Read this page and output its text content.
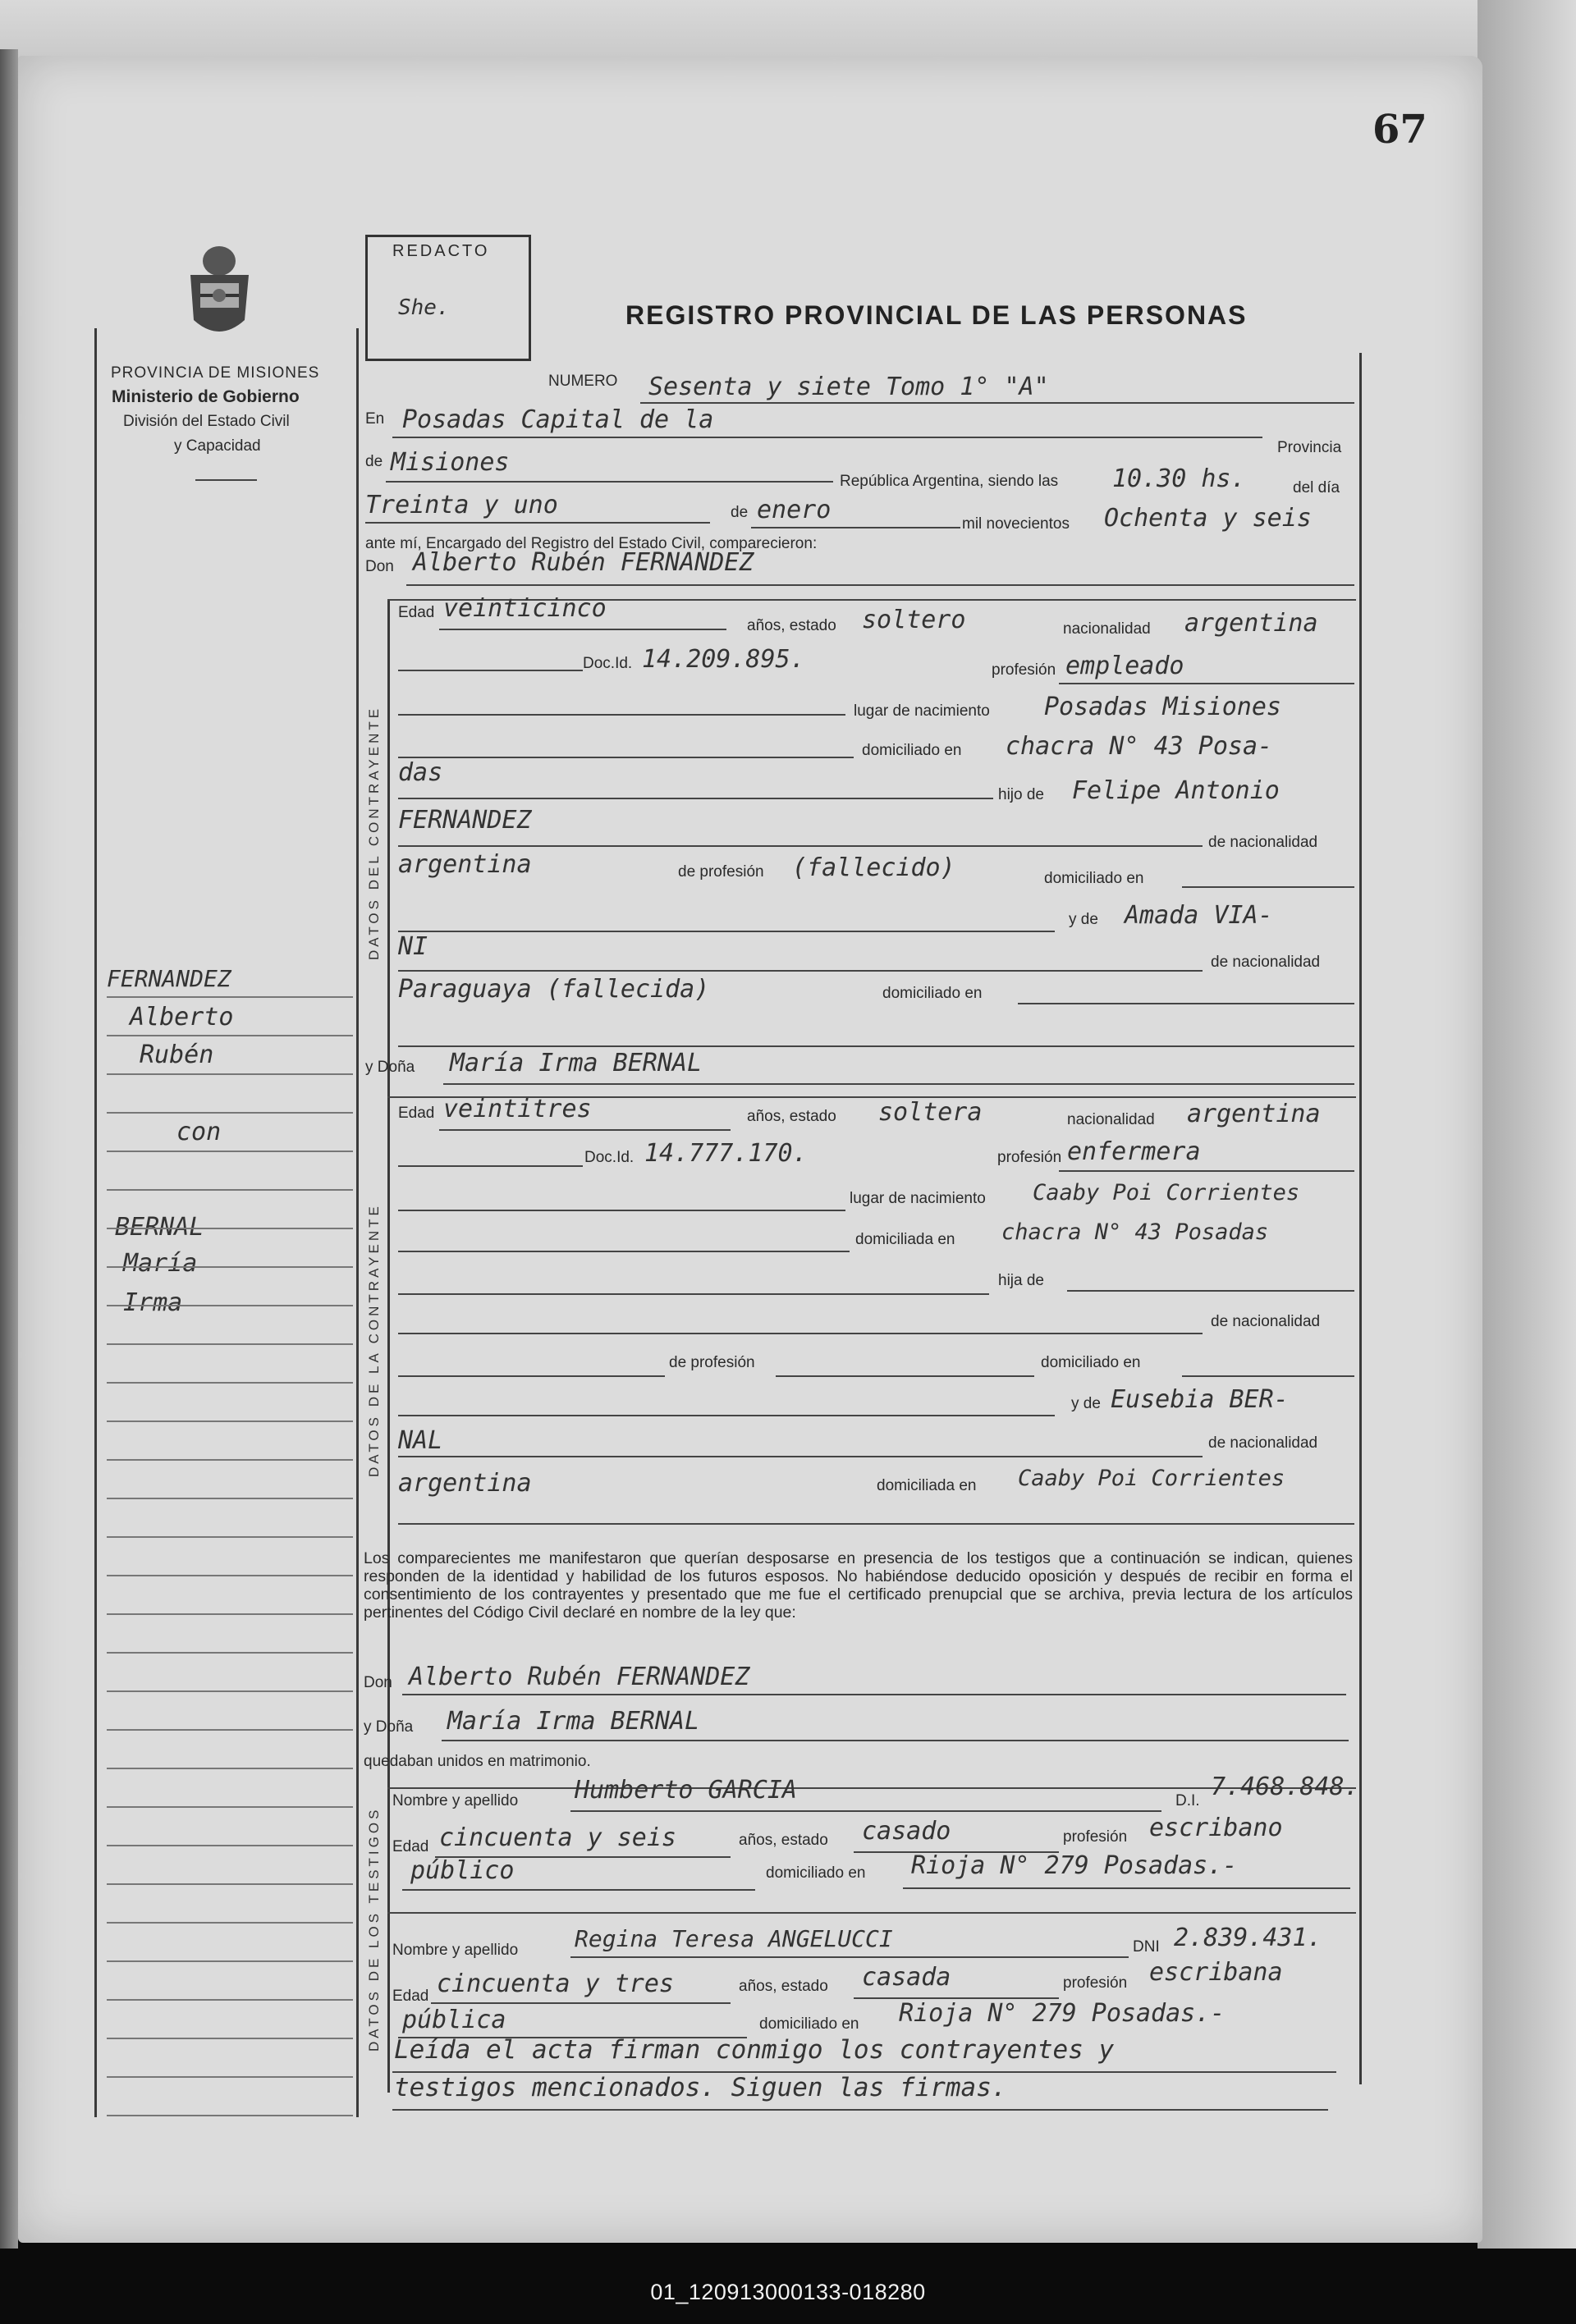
67
PROVINCIA DE MISIONES
Ministerio de Gobierno
División del Estado Civil
y Capacidad
REDACTO
She.	REGISTRO PROVINCIAL DE LAS PERSONAS
NUMERO Sesenta y siete Tomo 1° "A"
En Posadas Capital de la
Provincia
de Misiones
República Argentina, siendo las 10.30 hs.	del día
Treinta y uno	de enero	mil novecientos Ochenta y seis
ante mí, Encargado del Registro del Estado Civil, comparecieron:
Don Alberto Rubén FERNANDEZ
DATOS DEL CONTRAYENTE
Edad veinticinco
años, estado soltero	nacionalidad argentina
Doc.Id. 14.209.895.	profesión empleado
lugar de nacimiento Posadas Misiones
domiciliado en chacra N° 43 Posa-
das
hijo de Felipe Antonio
FERNANDEZ
de nacionalidad
argentina	de profesión (fallecido)	domiciliado en
y de Amada VIA-
NI
de nacionalidad
Paraguaya (fallecida)	domiciliado en
y Doña María Irma BERNAL
DATOS DE LA CONTRAYENTE
Edad veintitres	años, estado soltera	nacionalidad argentina
Doc.Id. 14.777.170.	profesión enfermera
lugar de nacimiento Caaby Poi Corrientes
domiciliada en chacra N° 43 Posadas
hija de
de nacionalidad
de profesión	domiciliado en
y de Eusebia BER-
NAL	de nacionalidad
argentina	domiciliada en Caaby Poi Corrientes
Los comparecientes me manifestaron que querían desposarse en presencia de los testigos que a continuación se indican, quienes responden de la identidad y habilidad de los futuros esposos. No habiéndose deducido oposición y después de recibir en forma el consentimiento de los contrayentes y presentado que me fue el certificado prenupcial que se archiva, previa lectura de los artículos pertinentes del Código Civil declaré en nombre de la ley que:
Don Alberto Rubén FERNANDEZ
y Doña María Irma BERNAL
quedaban unidos en matrimonio.
DATOS DE LOS TESTIGOS
Nombre y apellido Humberto GARCIA	D.I. 7.468.848.
Edad cincuenta y seis	años, estado casado	profesión escribano
público	domiciliado en Rioja N° 279 Posadas.-
Nombre y apellido Regina Teresa ANGELUCCI	DNI 2.839.431.
Edad cincuenta y tres	años, estado casada	profesión escribana
pública	domiciliado en Rioja N° 279 Posadas.-
Leída el acta firman conmigo los contrayentes y
testigos mencionados. Siguen las firmas.
FERNANDEZ
Alberto
Rubén
con
BERNAL
María
Irma
01_120913000133-018280
